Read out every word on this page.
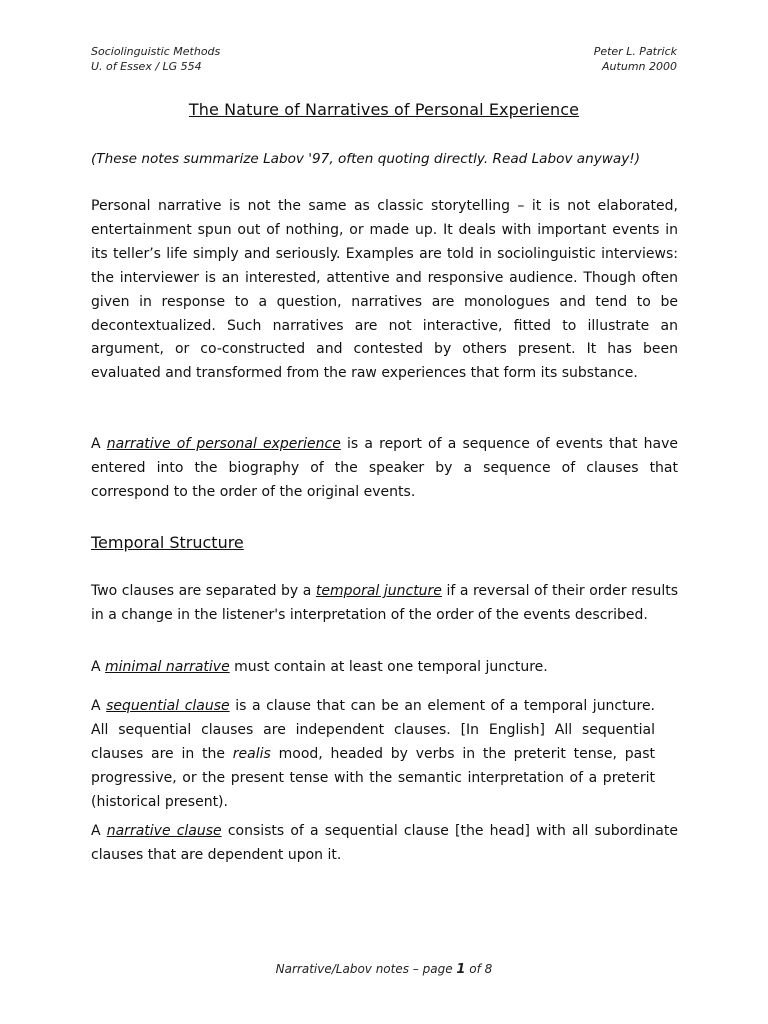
Sociolinguistic Methods
U. of Essex / LG 554
Peter L. Patrick
Autumn 2000
The Nature of Narratives of Personal Experience
(These notes summarize Labov '97, often quoting directly. Read Labov anyway!)

Personal narrative is not the same as classic storytelling – it is not elaborated, entertainment spun out of nothing, or made up. It deals with important events in its teller’s life simply and seriously. Examples are told in sociolinguistic interviews: the interviewer is an interested, attentive and responsive audience. Though often given in response to a question, narratives are monologues and tend to be decontextualized. Such narratives are not interactive, fitted to illustrate an argument, or co-constructed and contested by others present. It has been evaluated and transformed from the raw experiences that form its substance.

A narrative of personal experience is a report of a sequence of events that have entered into the biography of the speaker by a sequence of clauses that correspond to the order of the original events.

Temporal Structure

Two clauses are separated by a temporal juncture if a reversal of their order results in a change in the listener's interpretation of the order of the events described.

A minimal narrative must contain at least one temporal juncture.

A sequential clause is a clause that can be an element of a temporal juncture. All sequential clauses are independent clauses. [In English] All sequential clauses are in the realis mood, headed by verbs in the preterit tense, past progressive, or the present tense with the semantic interpretation of a preterit (historical present).

A narrative clause consists of a sequential clause [the head] with all subordinate clauses that are dependent upon it.

Narrative/Labov notes – page 1 of 8
